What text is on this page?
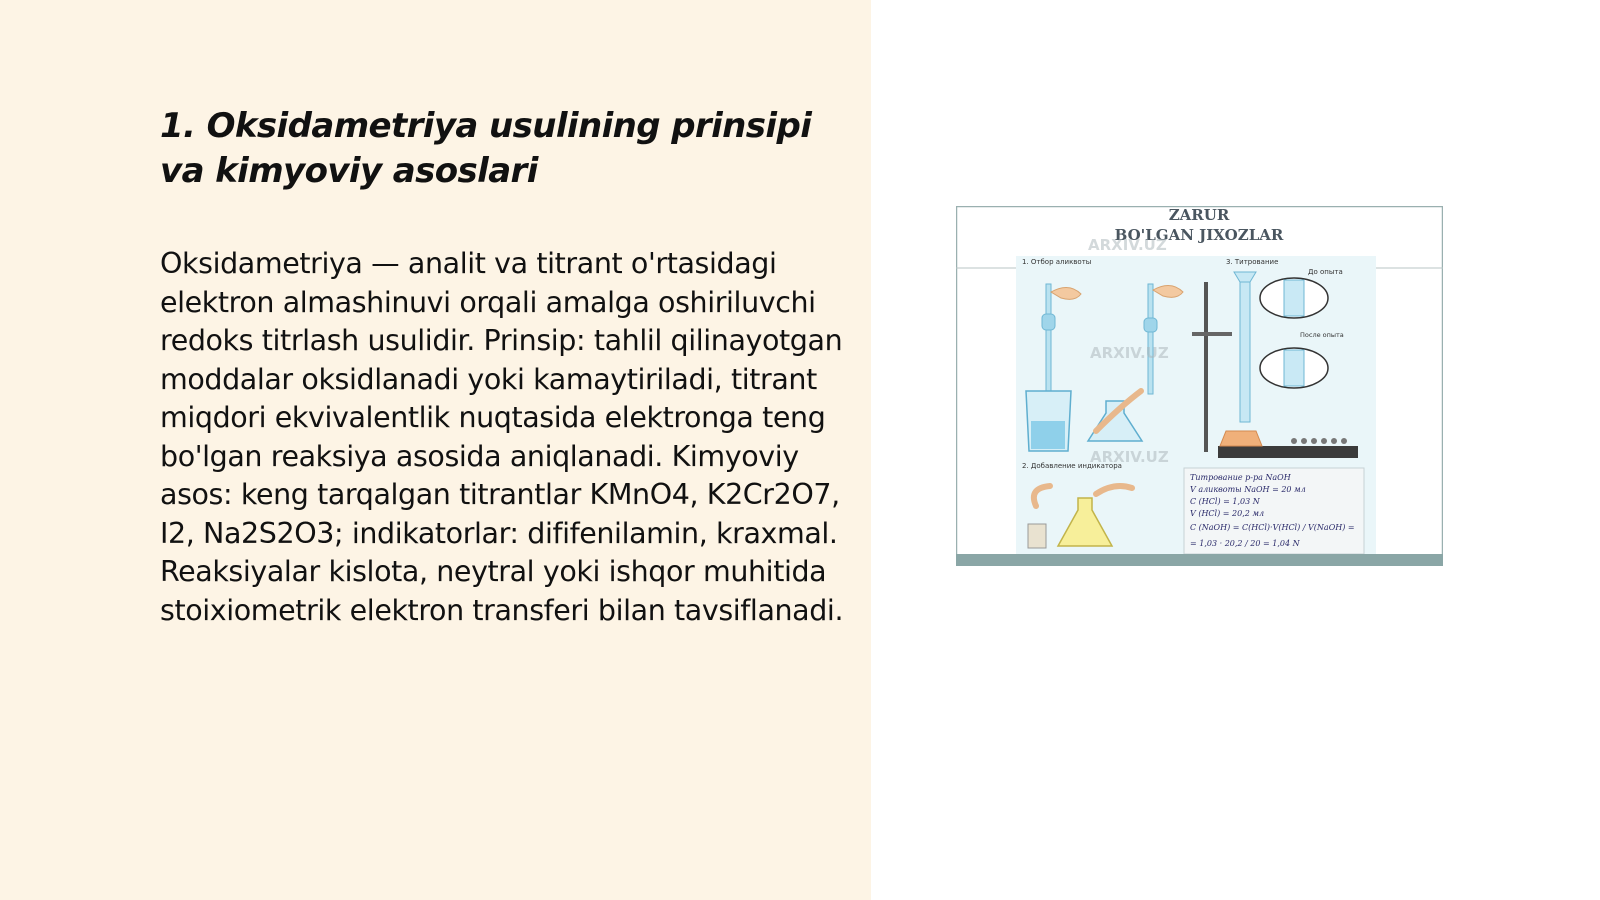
1. Oksidametriya usulining prinsipi va kimyoviy asoslari

Oksidametriya — analit va titrant o'rtasidagi elektron almashinuvi orqali amalga oshiriluvchi redoks titrlash usulidir. Prinsip: tahlil qilinayotgan moddalar oksidlanadi yoki kamaytiriladi, titrant miqdori ekvivalentlik nuqtasida elektronga teng bo'lgan reaksiya asosida aniqlanadi. Kimyoviy asos: keng tarqalgan titrantlar KMnO4, K2Cr2O7, I2, Na2S2O3; indikatorlar: dififenilamin, kraxmal. Reaksiyalar kislota, neytral yoki ishqor muhitida stoixiometrik elektron transferi bilan tavsiflanadi.

ZARUR
BO'LGAN JIXOZLAR
1. Отбор аликвоты	3. Титрование
До опыта
После опыта
2. Добавление индикатора
Титрование р-ра NaOH
V аликвоты NaOH = 20 мл
C (HCl) = 1,03 N
V (HCl) = 20,2 мл
C (NaOH) = C(HCl)·V(HCl) / V(NaOH) =
= 1,03 · 20,2 / 20 = 1,04 N
ARXIV.UZ
ARXIV.UZ
ARXIV.UZ
